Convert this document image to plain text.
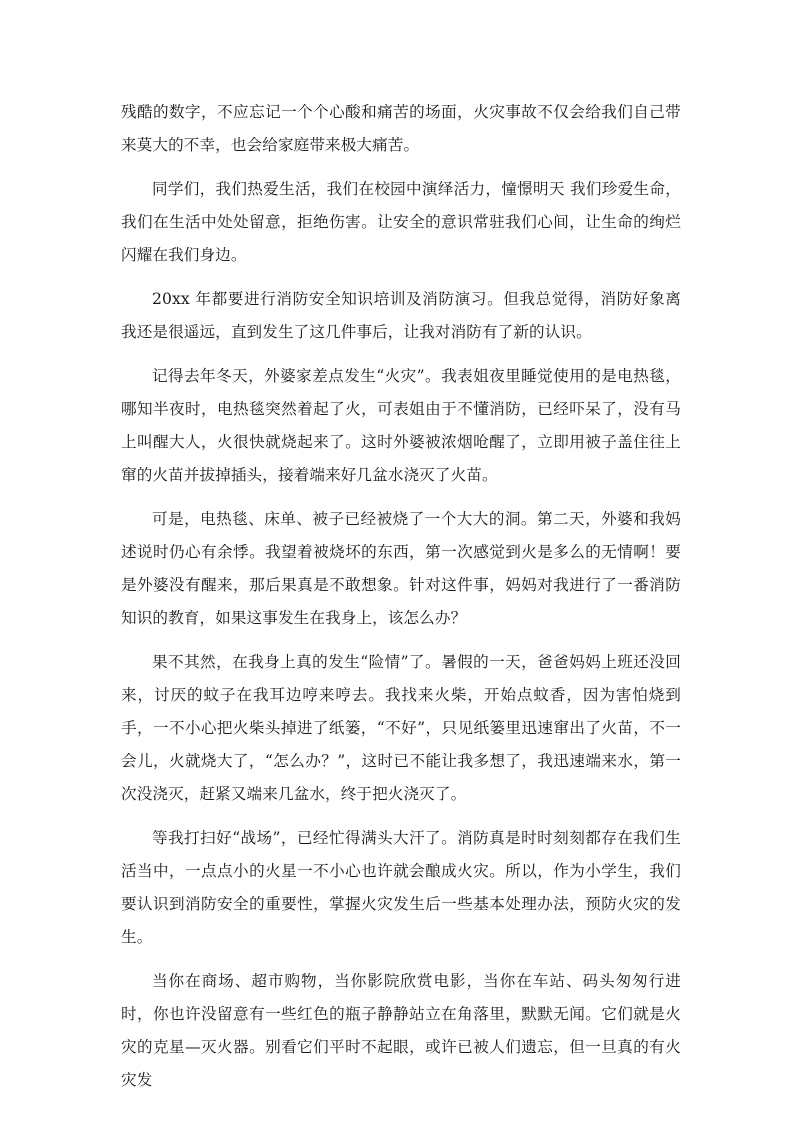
残酷的数字，不应忘记一个个心酸和痛苦的场面，火灾事故不仅会给我们自己带来莫大的不幸，也会给家庭带来极大痛苦。

同学们，我们热爱生活，我们在校园中演绎活力，憧憬明天 我们珍爱生命，我们在生活中处处留意，拒绝伤害。让安全的意识常驻我们心间，让生命的绚烂闪耀在我们身边。

20xx 年都要进行消防安全知识培训及消防演习。但我总觉得，消防好象离我还是很遥远，直到发生了这几件事后，让我对消防有了新的认识。

记得去年冬天，外婆家差点发生“火灾”。我表姐夜里睡觉使用的是电热毯，哪知半夜时，电热毯突然着起了火，可表姐由于不懂消防，已经吓呆了，没有马上叫醒大人，火很快就烧起来了。这时外婆被浓烟呛醒了，立即用被子盖住往上窜的火苗并拔掉插头，接着端来好几盆水浇灭了火苗。

可是，电热毯、床单、被子已经被烧了一个大大的洞。第二天，外婆和我妈述说时仍心有余悸。我望着被烧坏的东西，第一次感觉到火是多么的无情啊！要是外婆没有醒来，那后果真是不敢想象。针对这件事，妈妈对我进行了一番消防知识的教育，如果这事发生在我身上，该怎么办？

果不其然，在我身上真的发生“险情”了。暑假的一天，爸爸妈妈上班还没回来，讨厌的蚊子在我耳边哼来哼去。我找来火柴，开始点蚊香，因为害怕烧到手，一不小心把火柴头掉进了纸篓，“不好”，只见纸篓里迅速窜出了火苗，不一会儿，火就烧大了，“怎么办？”，这时已不能让我多想了，我迅速端来水，第一次没浇灭，赶紧又端来几盆水，终于把火浇灭了。

等我打扫好“战场”，已经忙得满头大汗了。消防真是时时刻刻都存在我们生活当中，一点点小的火星一不小心也许就会酿成火灾。所以，作为小学生，我们要认识到消防安全的重要性，掌握火灾发生后一些基本处理办法，预防火灾的发生。

当你在商场、超市购物，当你影院欣赏电影，当你在车站、码头匆匆行进时，你也许没留意有一些红色的瓶子静静站立在角落里，默默无闻。它们就是火灾的克星—灭火器。别看它们平时不起眼，或许已被人们遗忘，但一旦真的有火灾发
